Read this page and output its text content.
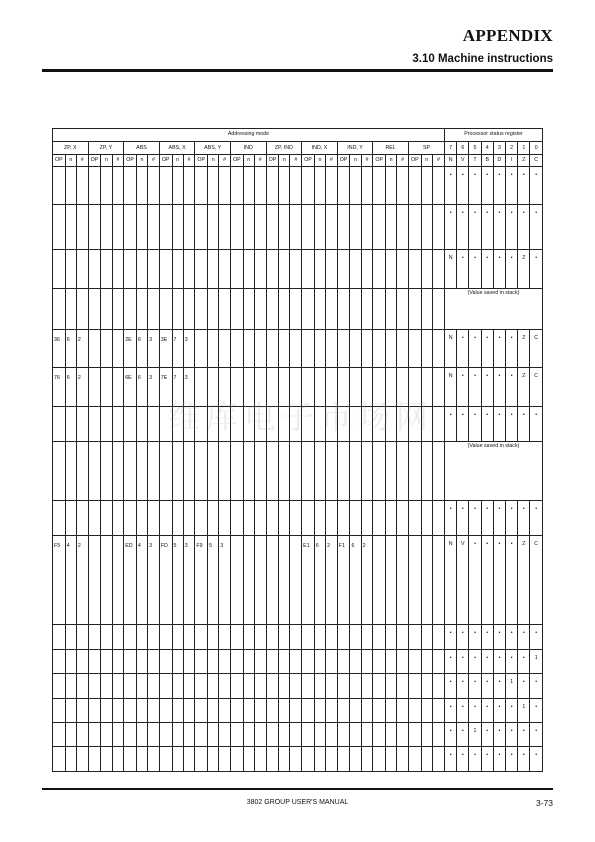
APPENDIX
3.10 Machine instructions
Addressing mode																																	Processor status register							
ZP, X			ZP, Y			ABS			ABS, X			ABS, Y			IND			ZP, IND			IND, X			IND, Y			REL			SP			7	6	5	4	3	2	1	0
OP	n	#	OP	n	#	OP	n	#	OP	n	#	OP	n	#	OP	n	#	OP	n	#	OP	n	#	OP	n	#	OP	n	#	OP	n	#	N	V	T	B	D	I	Z	C
																																	•	•	•	•	•	•	•	•
																																	•	•	•	•	•	•	•	•
																																	N	•	•	•	•	•	Z	•
																																	(Value saved in stack)							
36	6	2				2E	6	3	3E	7	3																						N	•	•	•	•	•	Z	C
76	6	2				6E	6	3	7E	7	3																						N	•	•	•	•	•	Z	C
																																	•	•	•	•	•	•	•	•
																																	(Value saved in stack)							
																																	•	•	•	•	•	•	•	•
F5	4	2				ED	4	3	FD	5	3	F9	5	3							E1	6	2	F1	6	2							N	V	•	•	•	•	Z	C
																																	•	•	•	•	•	•	•	•
																																	•	•	•	•	•	•	•	1
																																	•	•	•	•	•	1	•	•
																																	•	•	•	•	•	•	1	•
																																	•	•	1	•	•	•	•	•
																																	•	•	•	•	•	•	•	•
维库电子市场网
3802 GROUP USER'S MANUAL	3-73
